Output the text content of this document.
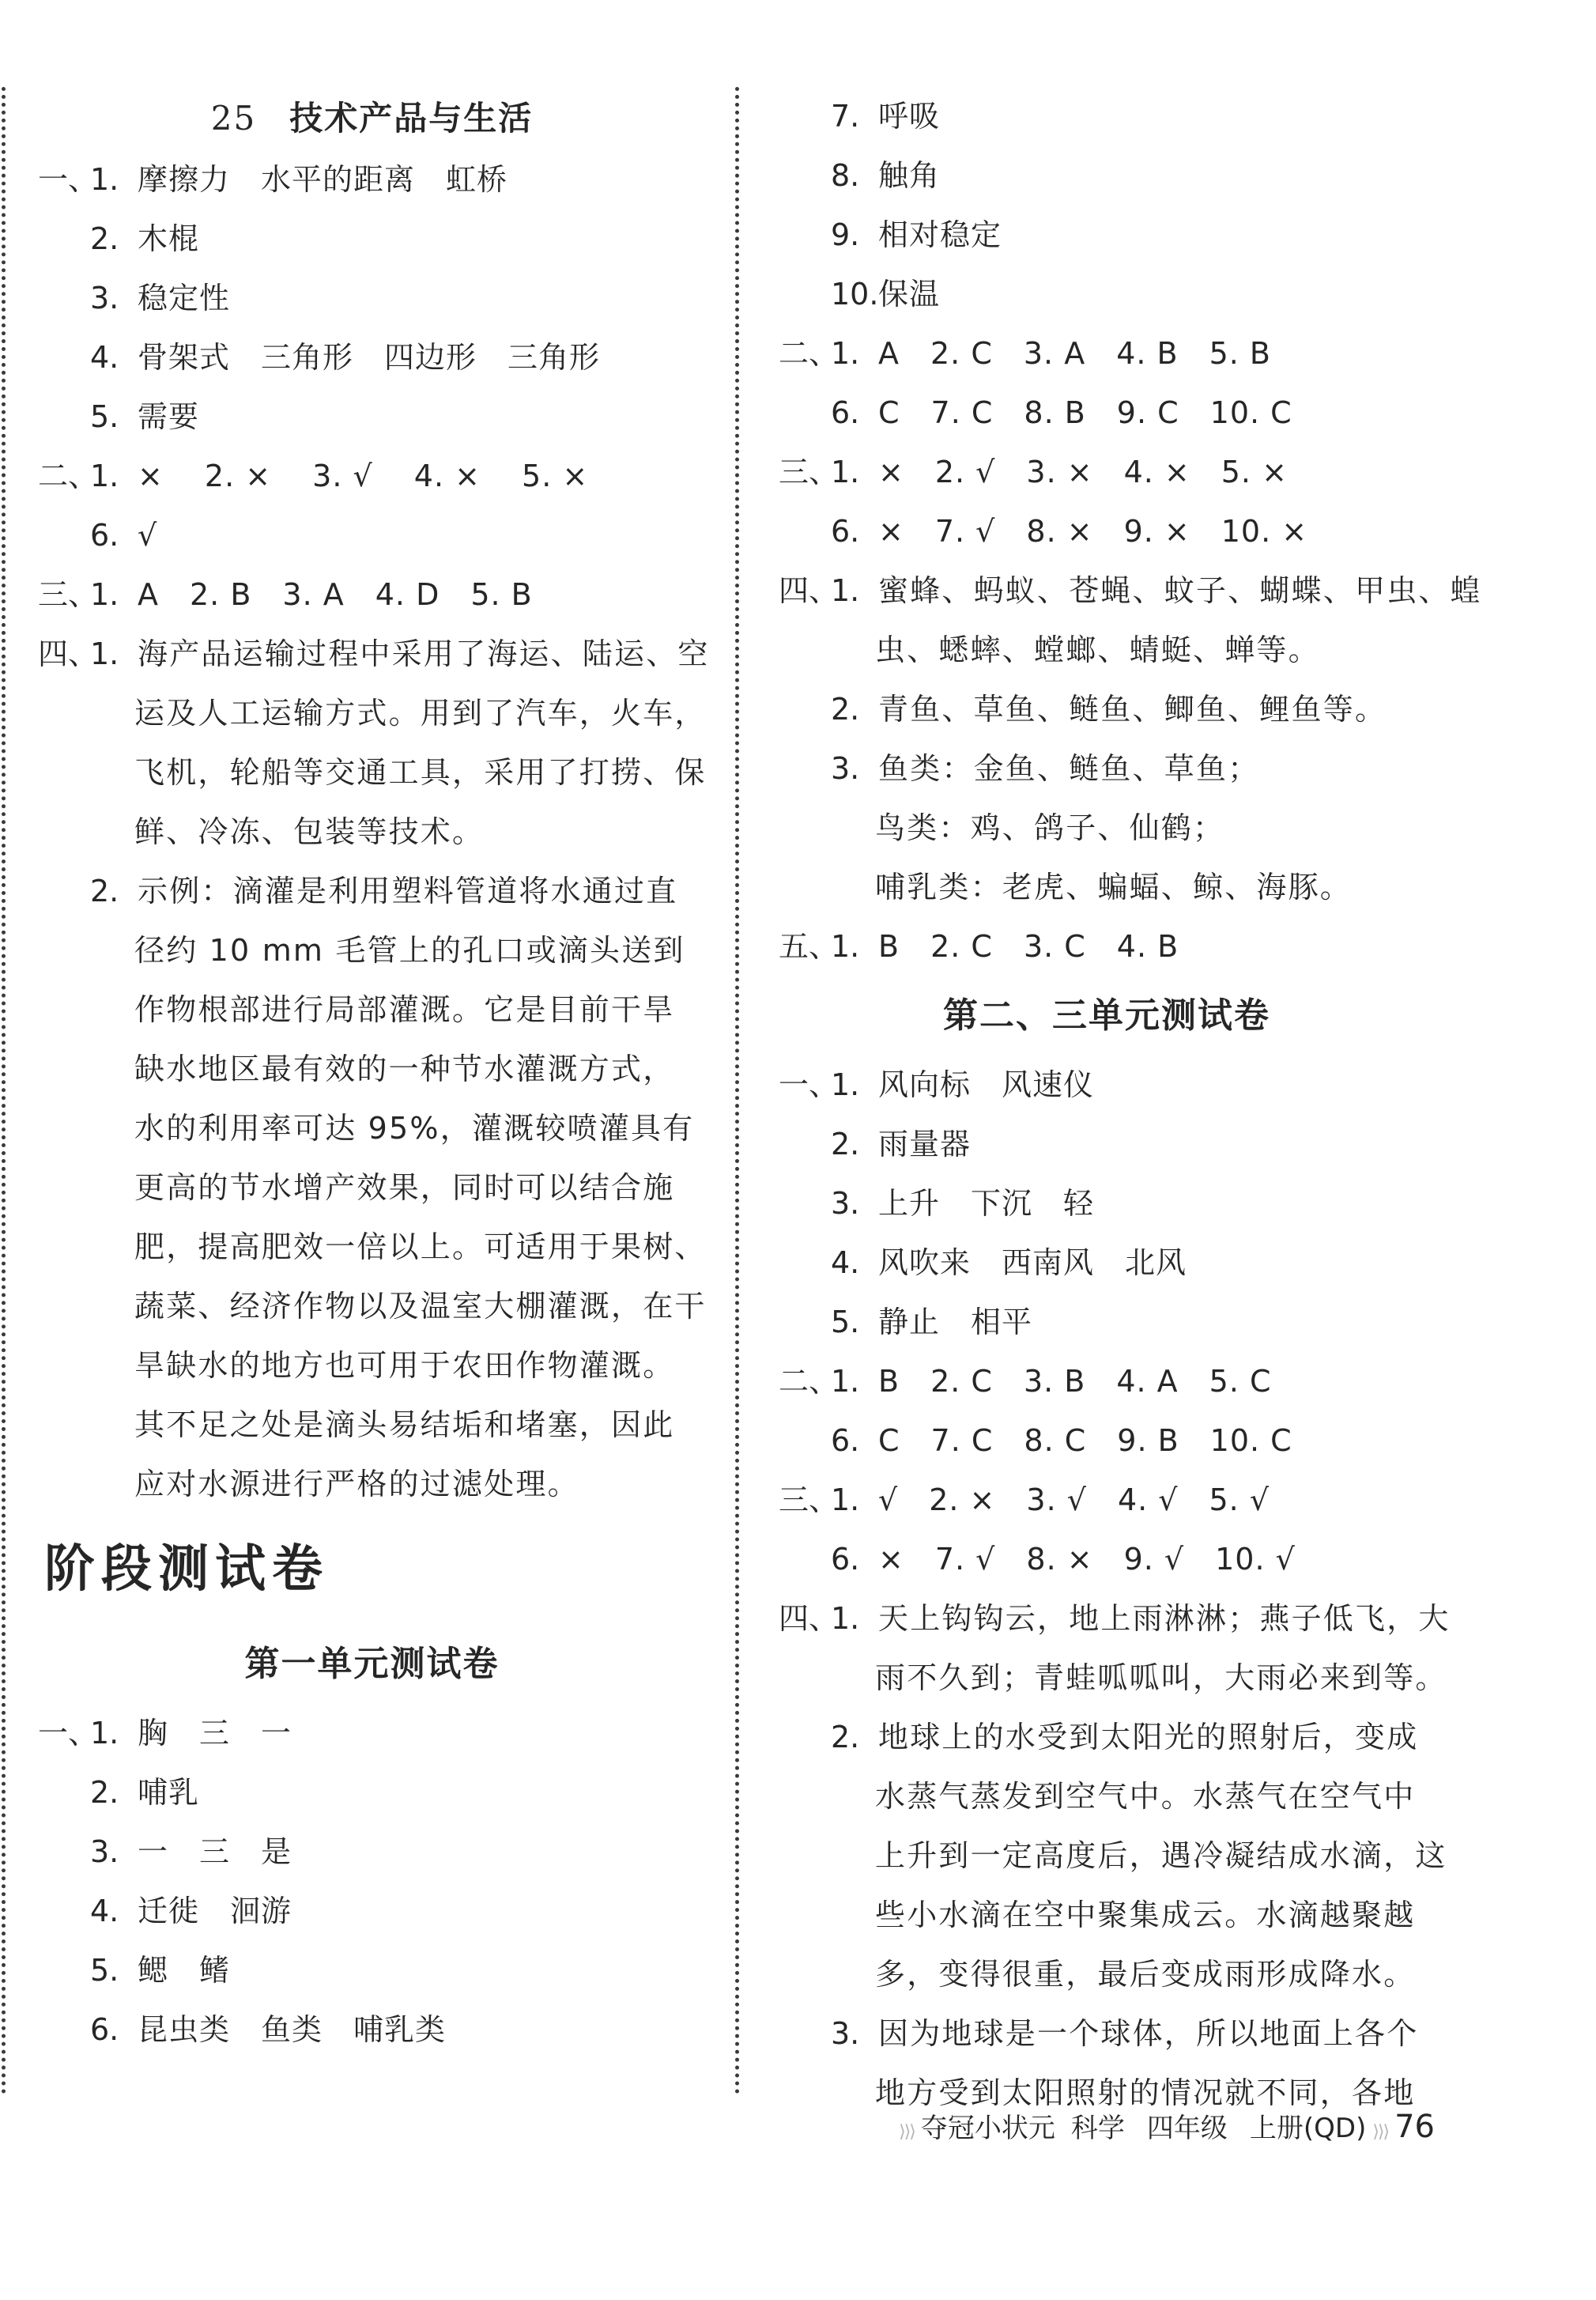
25 技术产品与生活
一、1. 摩擦力　水平的距离　虹桥
2. 木棍
3. 稳定性
4. 骨架式　三角形　四边形　三角形
5. 需要
二、1. ×　 2. ×　 3. √　 4. ×　 5. ×
6. √
三、1. A　2. B　3. A　4. D　5. B
四、1. 海产品运输过程中采用了海运、陆运、空
运及人工运输方式。用到了汽车，火车，
飞机，轮船等交通工具，采用了打捞、保
鲜、冷冻、包装等技术。
2. 示例：滴灌是利用塑料管道将水通过直
径约 10 mm 毛管上的孔口或滴头送到
作物根部进行局部灌溉。它是目前干旱
缺水地区最有效的一种节水灌溉方式，
水的利用率可达 95%，灌溉较喷灌具有
更高的节水增产效果，同时可以结合施
肥，提高肥效一倍以上。可适用于果树、
蔬菜、经济作物以及温室大棚灌溉，在干
旱缺水的地方也可用于农田作物灌溉。
其不足之处是滴头易结垢和堵塞，因此
应对水源进行严格的过滤处理。
阶段测试卷
第一单元测试卷
一、1. 胸　三　一
2. 哺乳
3. 一　三　是
4. 迁徙　洄游
5. 鳃　鳍
6. 昆虫类　鱼类　哺乳类
7. 呼吸
8. 触角
9. 相对稳定
10.保温
二、1. A　2. C　3. A　4. B　5. B
6. C　7. C　8. B　9. C　10. C
三、1. ×　2. √　3. ×　4. ×　5. ×
6. ×　7. √　8. ×　9. ×　10. ×
四、1. 蜜蜂、蚂蚁、苍蝇、蚊子、蝴蝶、甲虫、蝗
虫、蟋蟀、螳螂、蜻蜓、蝉等。
2. 青鱼、草鱼、鲢鱼、鲫鱼、鲤鱼等。
3. 鱼类：金鱼、鲢鱼、草鱼；
鸟类：鸡、鸽子、仙鹤；
哺乳类：老虎、蝙蝠、鲸、海豚。
五、1. B　2. C　3. C　4. B
第二、三单元测试卷
一、1. 风向标　风速仪
2. 雨量器
3. 上升　下沉　轻
4. 风吹来　西南风　北风
5. 静止　相平
二、1. B　2. C　3. B　4. A　5. C
6. C　7. C　8. C　9. B　10. C
三、1. √　2. ×　3. √　4. √　5. √
6. ×　7. √　8. ×　9. √　10. √
四、1. 天上钩钩云，地上雨淋淋；燕子低飞，大
雨不久到；青蛙呱呱叫，大雨必来到等。
2. 地球上的水受到太阳光的照射后，变成
水蒸气蒸发到空气中。水蒸气在空气中
上升到一定高度后，遇冷凝结成水滴，这
些小水滴在空中聚集成云。水滴越聚越
多，变得很重，最后变成雨形成降水。
3. 因为地球是一个球体，所以地面上各个
地方受到太阳照射的情况就不同，各地
⟩⟩⟩ 夺冠小状元 科学 四年级 上册(QD) ⟩⟩⟩ 76
